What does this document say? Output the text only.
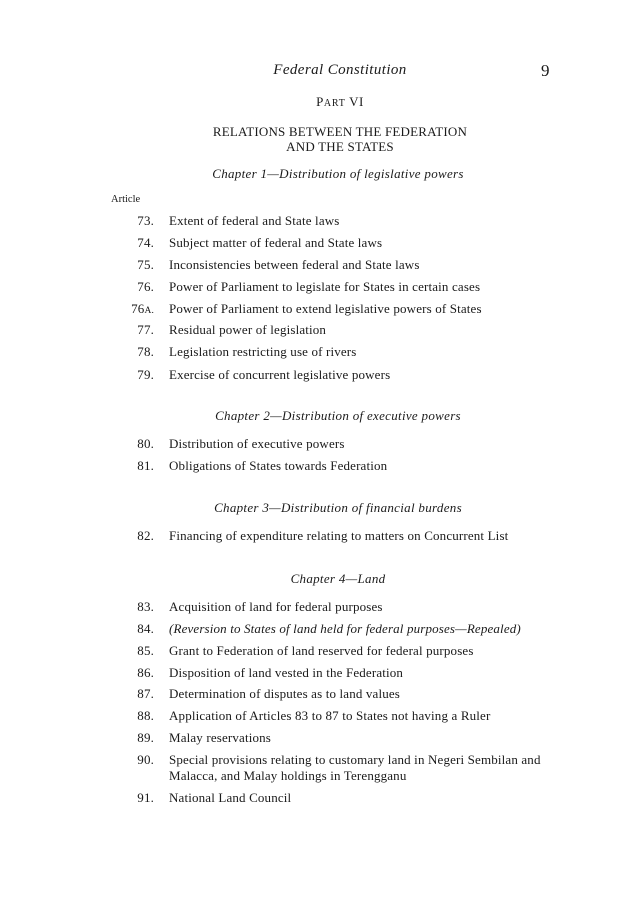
Federal Constitution	9
PART VI
RELATIONS BETWEEN THE FEDERATION
AND THE STATES
Chapter 1—Distribution of legislative powers
Article
73. Extent of federal and State laws
74. Subject matter of federal and State laws
75. Inconsistencies between federal and State laws
76. Power of Parliament to legislate for States in certain cases
76A. Power of Parliament to extend legislative powers of States
77. Residual power of legislation
78. Legislation restricting use of rivers
79. Exercise of concurrent legislative powers
Chapter 2—Distribution of executive powers
80. Distribution of executive powers
81. Obligations of States towards Federation
Chapter 3—Distribution of financial burdens
82. Financing of expenditure relating to matters on Concurrent List
Chapter 4—Land
83. Acquisition of land for federal purposes
84. (Reversion to States of land held for federal purposes—Repealed)
85. Grant to Federation of land reserved for federal purposes
86. Disposition of land vested in the Federation
87. Determination of disputes as to land values
88. Application of Articles 83 to 87 to States not having a Ruler
89. Malay reservations
90. Special provisions relating to customary land in Negeri Sembilan and Malacca, and Malay holdings in Terengganu
91. National Land Council
